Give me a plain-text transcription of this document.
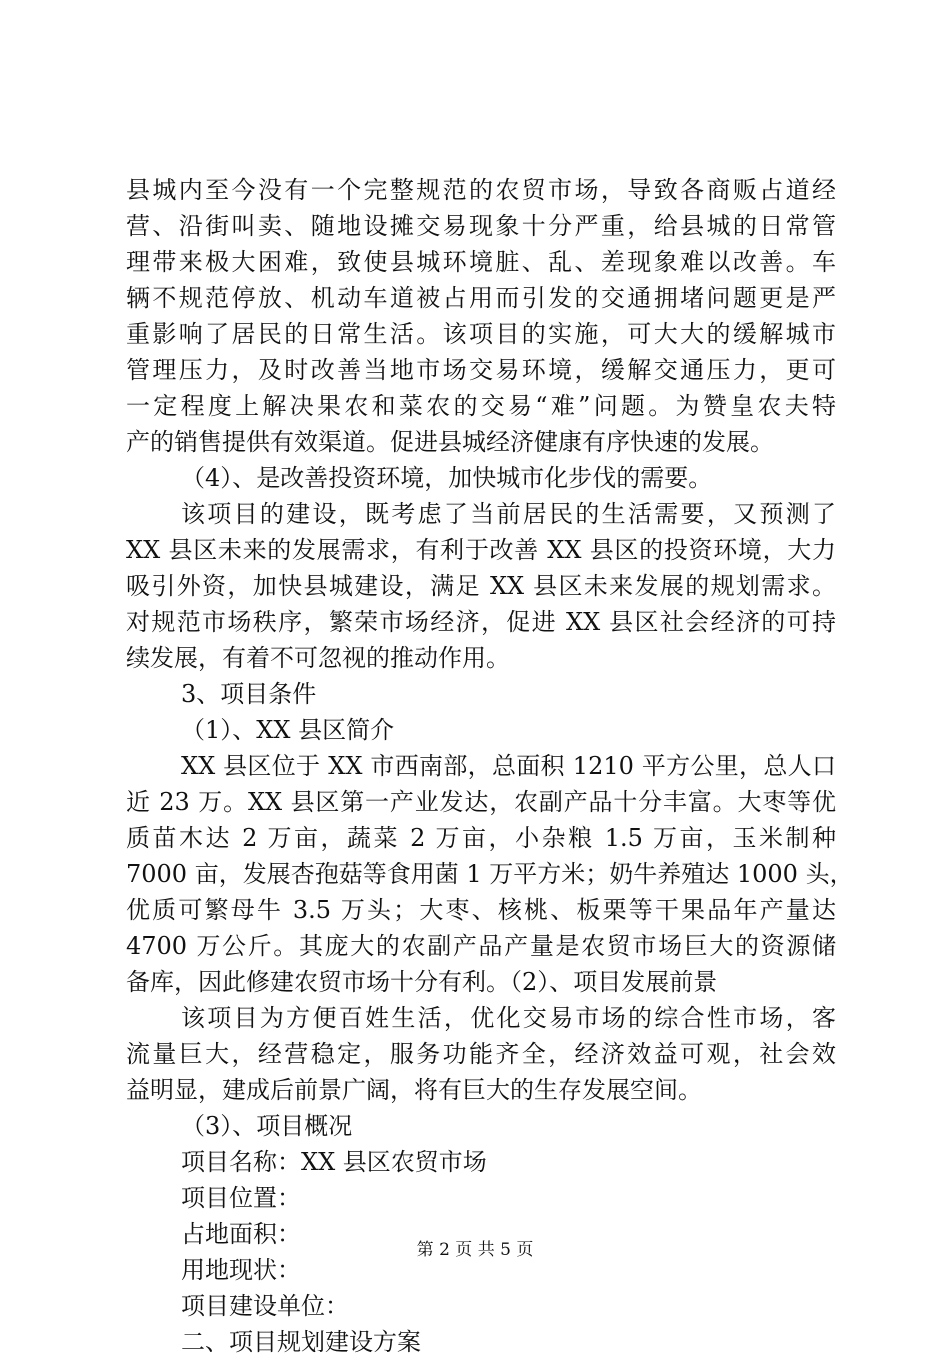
县城内至今没有一个完整规范的农贸市场，导致各商贩占道经
营、沿街叫卖、随地设摊交易现象十分严重，给县城的日常管
理带来极大困难，致使县城环境脏、乱、差现象难以改善。车
辆不规范停放、机动车道被占用而引发的交通拥堵问题更是严
重影响了居民的日常生活。该项目的实施，可大大的缓解城市
管理压力，及时改善当地市场交易环境，缓解交通压力，更可
一定程度上解决果农和菜农的交易“难”问题。为赞皇农夫特
产的销售提供有效渠道。促进县城经济健康有序快速的发展。
（4）、是改善投资环境，加快城市化步伐的需要。
该项目的建设，既考虑了当前居民的生活需要，又预测了
XX 县区未来的发展需求，有利于改善 XX 县区的投资环境，大力
吸引外资，加快县城建设，满足 XX 县区未来发展的规划需求。
对规范市场秩序，繁荣市场经济，促进 XX 县区社会经济的可持
续发展，有着不可忽视的推动作用。
3、项目条件
（1）、XX 县区简介
XX 县区位于 XX 市西南部，总面积 1210 平方公里，总人口
近 23 万。XX 县区第一产业发达，农副产品十分丰富。大枣等优
质苗木达 2 万亩，蔬菜 2 万亩，小杂粮 1.5 万亩，玉米制种
7000 亩，发展杏孢菇等食用菌 1 万平方米；奶牛养殖达 1000 头，
优质可繁母牛 3.5 万头；大枣、核桃、板栗等干果品年产量达
4700 万公斤。其庞大的农副产品产量是农贸市场巨大的资源储
备库，因此修建农贸市场十分有利。（2）、项目发展前景
该项目为方便百姓生活，优化交易市场的综合性市场，客
流量巨大，经营稳定，服务功能齐全，经济效益可观，社会效
益明显，建成后前景广阔，将有巨大的生存发展空间。
（3）、项目概况
项目名称：XX 县区农贸市场
项目位置：
占地面积：
用地现状：
项目建设单位：
二、项目规划建设方案
第 2 页 共 5 页
